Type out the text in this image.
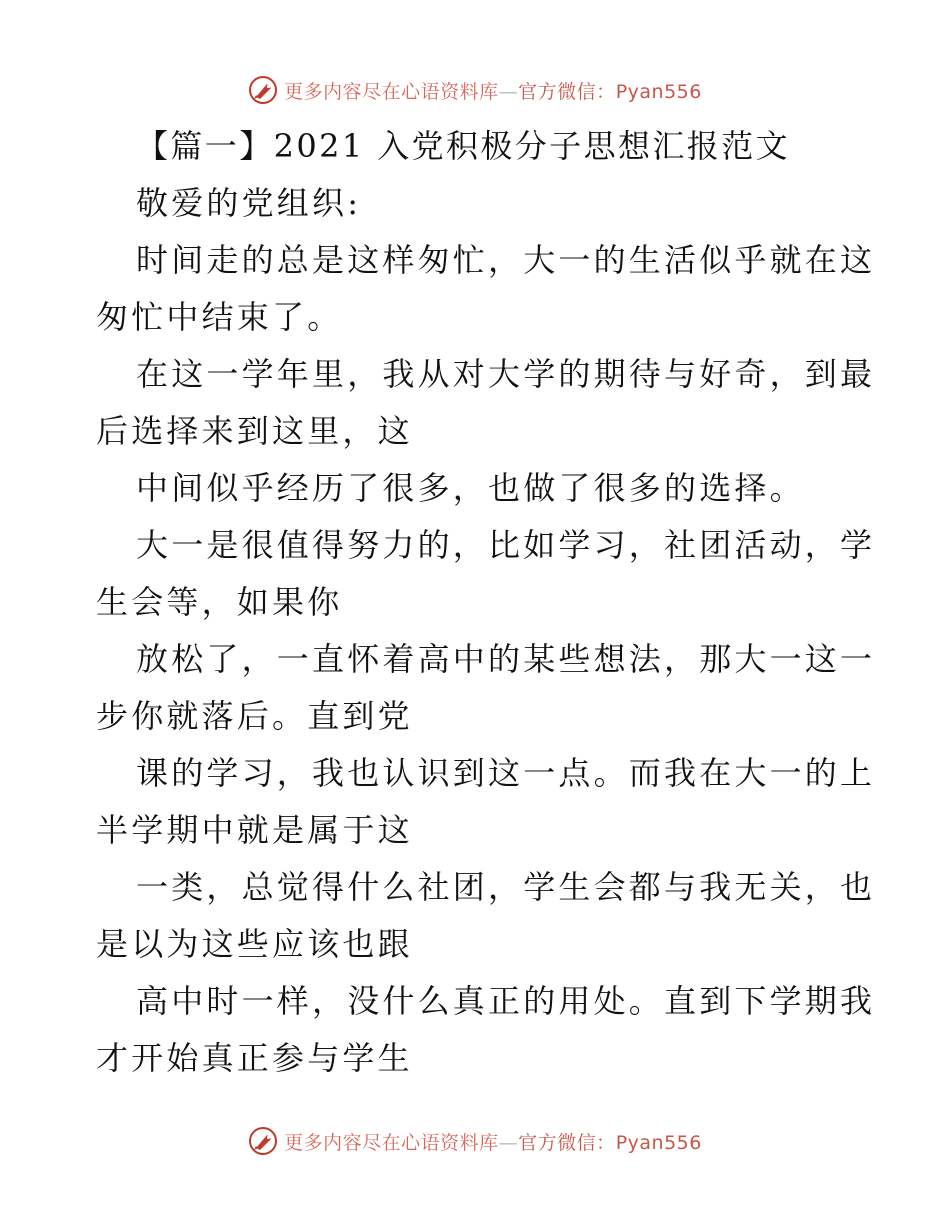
更多内容尽在心语资料库—官方微信：Pyan556
【篇一】2021 入党积极分子思想汇报范文
敬爱的党组织:
时间走的总是这样匆忙，大一的生活似乎就在这
匆忙中结束了。
在这一学年里，我从对大学的期待与好奇，到最
后选择来到这里，这
中间似乎经历了很多，也做了很多的选择。
大一是很值得努力的，比如学习，社团活动，学
生会等，如果你
放松了，一直怀着高中的某些想法，那大一这一
步你就落后。直到党
课的学习，我也认识到这一点。而我在大一的上
半学期中就是属于这
一类，总觉得什么社团，学生会都与我无关，也
是以为这些应该也跟
高中时一样，没什么真正的用处。直到下学期我
才开始真正参与学生
更多内容尽在心语资料库—官方微信：Pyan556
